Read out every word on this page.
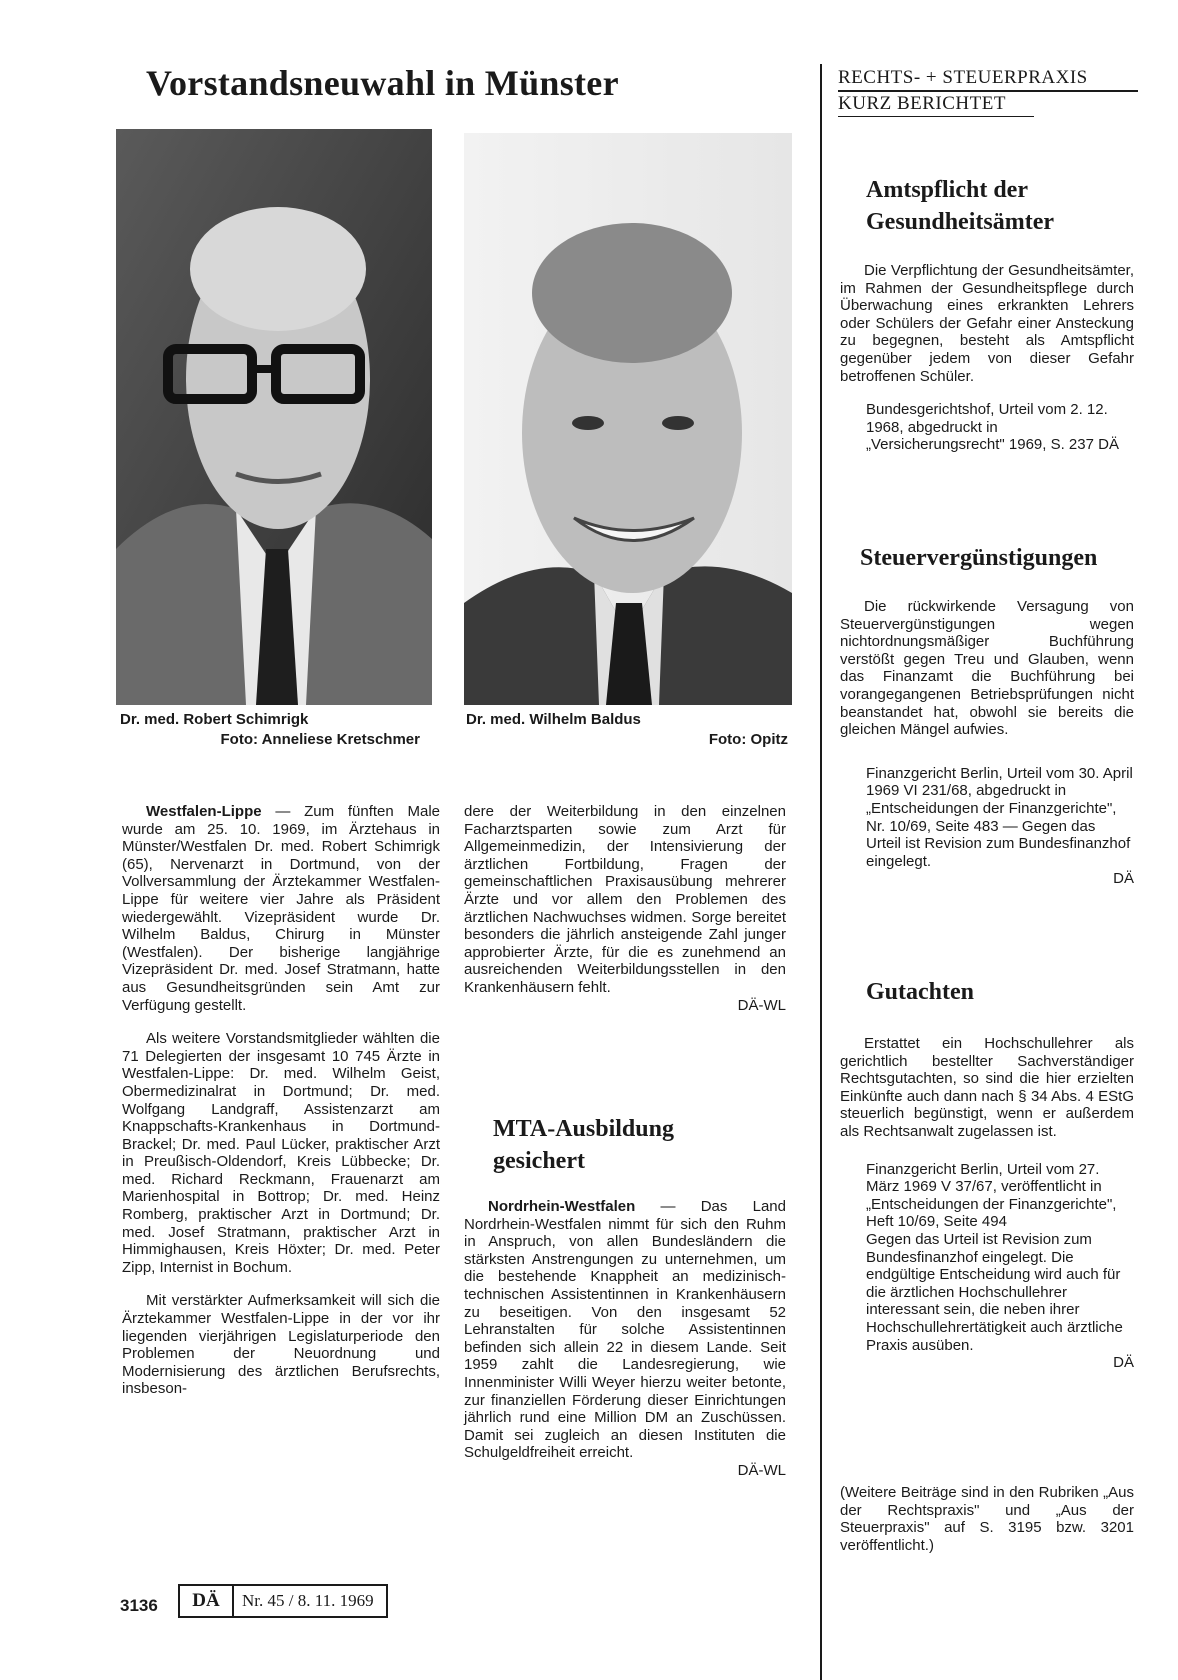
Vorstandsneuwahl in Münster	RECHTS- + STEUERPRAXIS
KURZ BERICHTET
Dr. med. Robert Schimrigk
Foto: Anneliese Kretschmer
Dr. med. Wilhelm Baldus
Foto: Opitz

Westfalen-Lippe — Zum fünften Male wurde am 25. 10. 1969, im Ärztehaus in Münster/Westfalen Dr. med. Robert Schimrigk (65), Nervenarzt in Dortmund, von der Vollversammlung der Ärztekammer Westfalen-Lippe für weitere vier Jahre als Präsident wiedergewählt. Vizepräsident wurde Dr. Wilhelm Baldus, Chirurg in Münster (Westfalen). Der bisherige langjährige Vizepräsident Dr. med. Josef Stratmann, hatte aus Gesundheitsgründen sein Amt zur Verfügung gestellt.

Als weitere Vorstandsmitglieder wählten die 71 Delegierten der insgesamt 10 745 Ärzte in Westfalen-Lippe: Dr. med. Wilhelm Geist, Obermedizinalrat in Dortmund; Dr. med. Wolfgang Landgraff, Assistenzarzt am Knappschafts-Krankenhaus in Dortmund-Brackel; Dr. med. Paul Lücker, praktischer Arzt in Preußisch-Oldendorf, Kreis Lübbecke; Dr. med. Richard Reckmann, Frauenarzt am Marienhospital in Bottrop; Dr. med. Heinz Romberg, praktischer Arzt in Dortmund; Dr. med. Josef Stratmann, praktischer Arzt in Himmighausen, Kreis Höxter; Dr. med. Peter Zipp, Internist in Bochum.

Mit verstärkter Aufmerksamkeit will sich die Ärztekammer Westfalen-Lippe in der vor ihr liegenden vierjährigen Legislaturperiode den Problemen der Neuordnung und Modernisierung des ärztlichen Berufsrechts, insbeson-

dere der Weiterbildung in den einzelnen Facharztsparten sowie zum Arzt für Allgemeinmedizin, der Intensivierung der ärztlichen Fortbildung, Fragen der gemeinschaftlichen Praxisausübung mehrerer Ärzte und vor allem den Problemen des ärztlichen Nachwuchses widmen. Sorge bereitet besonders die jährlich ansteigende Zahl junger approbierter Ärzte, für die es zunehmend an ausreichenden Weiterbildungsstellen in den Krankenhäusern fehlt.

DÄ-WL
MTA-Ausbildung
gesichert

Nordrhein-Westfalen — Das Land Nordrhein-Westfalen nimmt für sich den Ruhm in Anspruch, von allen Bundesländern die stärksten Anstrengungen zu unternehmen, um die bestehende Knappheit an medizinisch-technischen Assistentinnen in Krankenhäusern zu beseitigen. Von den insgesamt 52 Lehranstalten für solche Assistentinnen befinden sich allein 22 in diesem Lande. Seit 1959 zahlt die Landesregierung, wie Innenminister Willi Weyer hierzu weiter betonte, zur finanziellen Förderung dieser Einrichtungen jährlich rund eine Million DM an Zuschüssen. Damit sei zugleich an diesen Instituten die Schulgeldfreiheit erreicht.

DÄ-WL
Amtspflicht der
Gesundheitsämter

Die Verpflichtung der Gesundheitsämter, im Rahmen der Gesundheitspflege durch Überwachung eines erkrankten Lehrers oder Schülers der Gefahr einer Ansteckung zu begegnen, besteht als Amtspflicht gegenüber jedem von dieser Gefahr betroffenen Schüler.

Bundesgerichtshof, Urteil vom 2. 12. 1968, abgedruckt in „Versicherungsrecht" 1969, S. 237 DÄ

Steuervergünstigungen

Die rückwirkende Versagung von Steuervergünstigungen wegen nichtordnungsmäßiger Buchführung verstößt gegen Treu und Glauben, wenn das Finanzamt die Buchführung bei vorangegangenen Betriebsprüfungen nicht beanstandet hat, obwohl sie bereits die gleichen Mängel aufwies.

Finanzgericht Berlin, Urteil vom 30. April 1969 VI 231/68, abgedruckt in „Entscheidungen der Finanzgerichte", Nr. 10/69, Seite 483 — Gegen das Urteil ist Revision zum Bundesfinanzhof eingelegt.

DÄ
Gutachten

Erstattet ein Hochschullehrer als gerichtlich bestellter Sachverständiger Rechtsgutachten, so sind die hier erzielten Einkünfte auch dann nach § 34 Abs. 4 EStG steuerlich begünstigt, wenn er außerdem als Rechtsanwalt zugelassen ist.

Finanzgericht Berlin, Urteil vom 27. März 1969 V 37/67, veröffentlicht in „Entscheidungen der Finanzgerichte", Heft 10/69, Seite 494

Gegen das Urteil ist Revision zum Bundesfinanzhof eingelegt. Die endgültige Entscheidung wird auch für die ärztlichen Hochschullehrer interessant sein, die neben ihrer Hochschullehrertätigkeit auch ärztliche Praxis ausüben.

DÄ
(Weitere Beiträge sind in den Rubriken „Aus der Rechtspraxis" und „Aus der Steuerpraxis" auf S. 3195 bzw. 3201 veröffentlicht.)
3136	DÄ	Nr. 45 / 8. 11. 1969
